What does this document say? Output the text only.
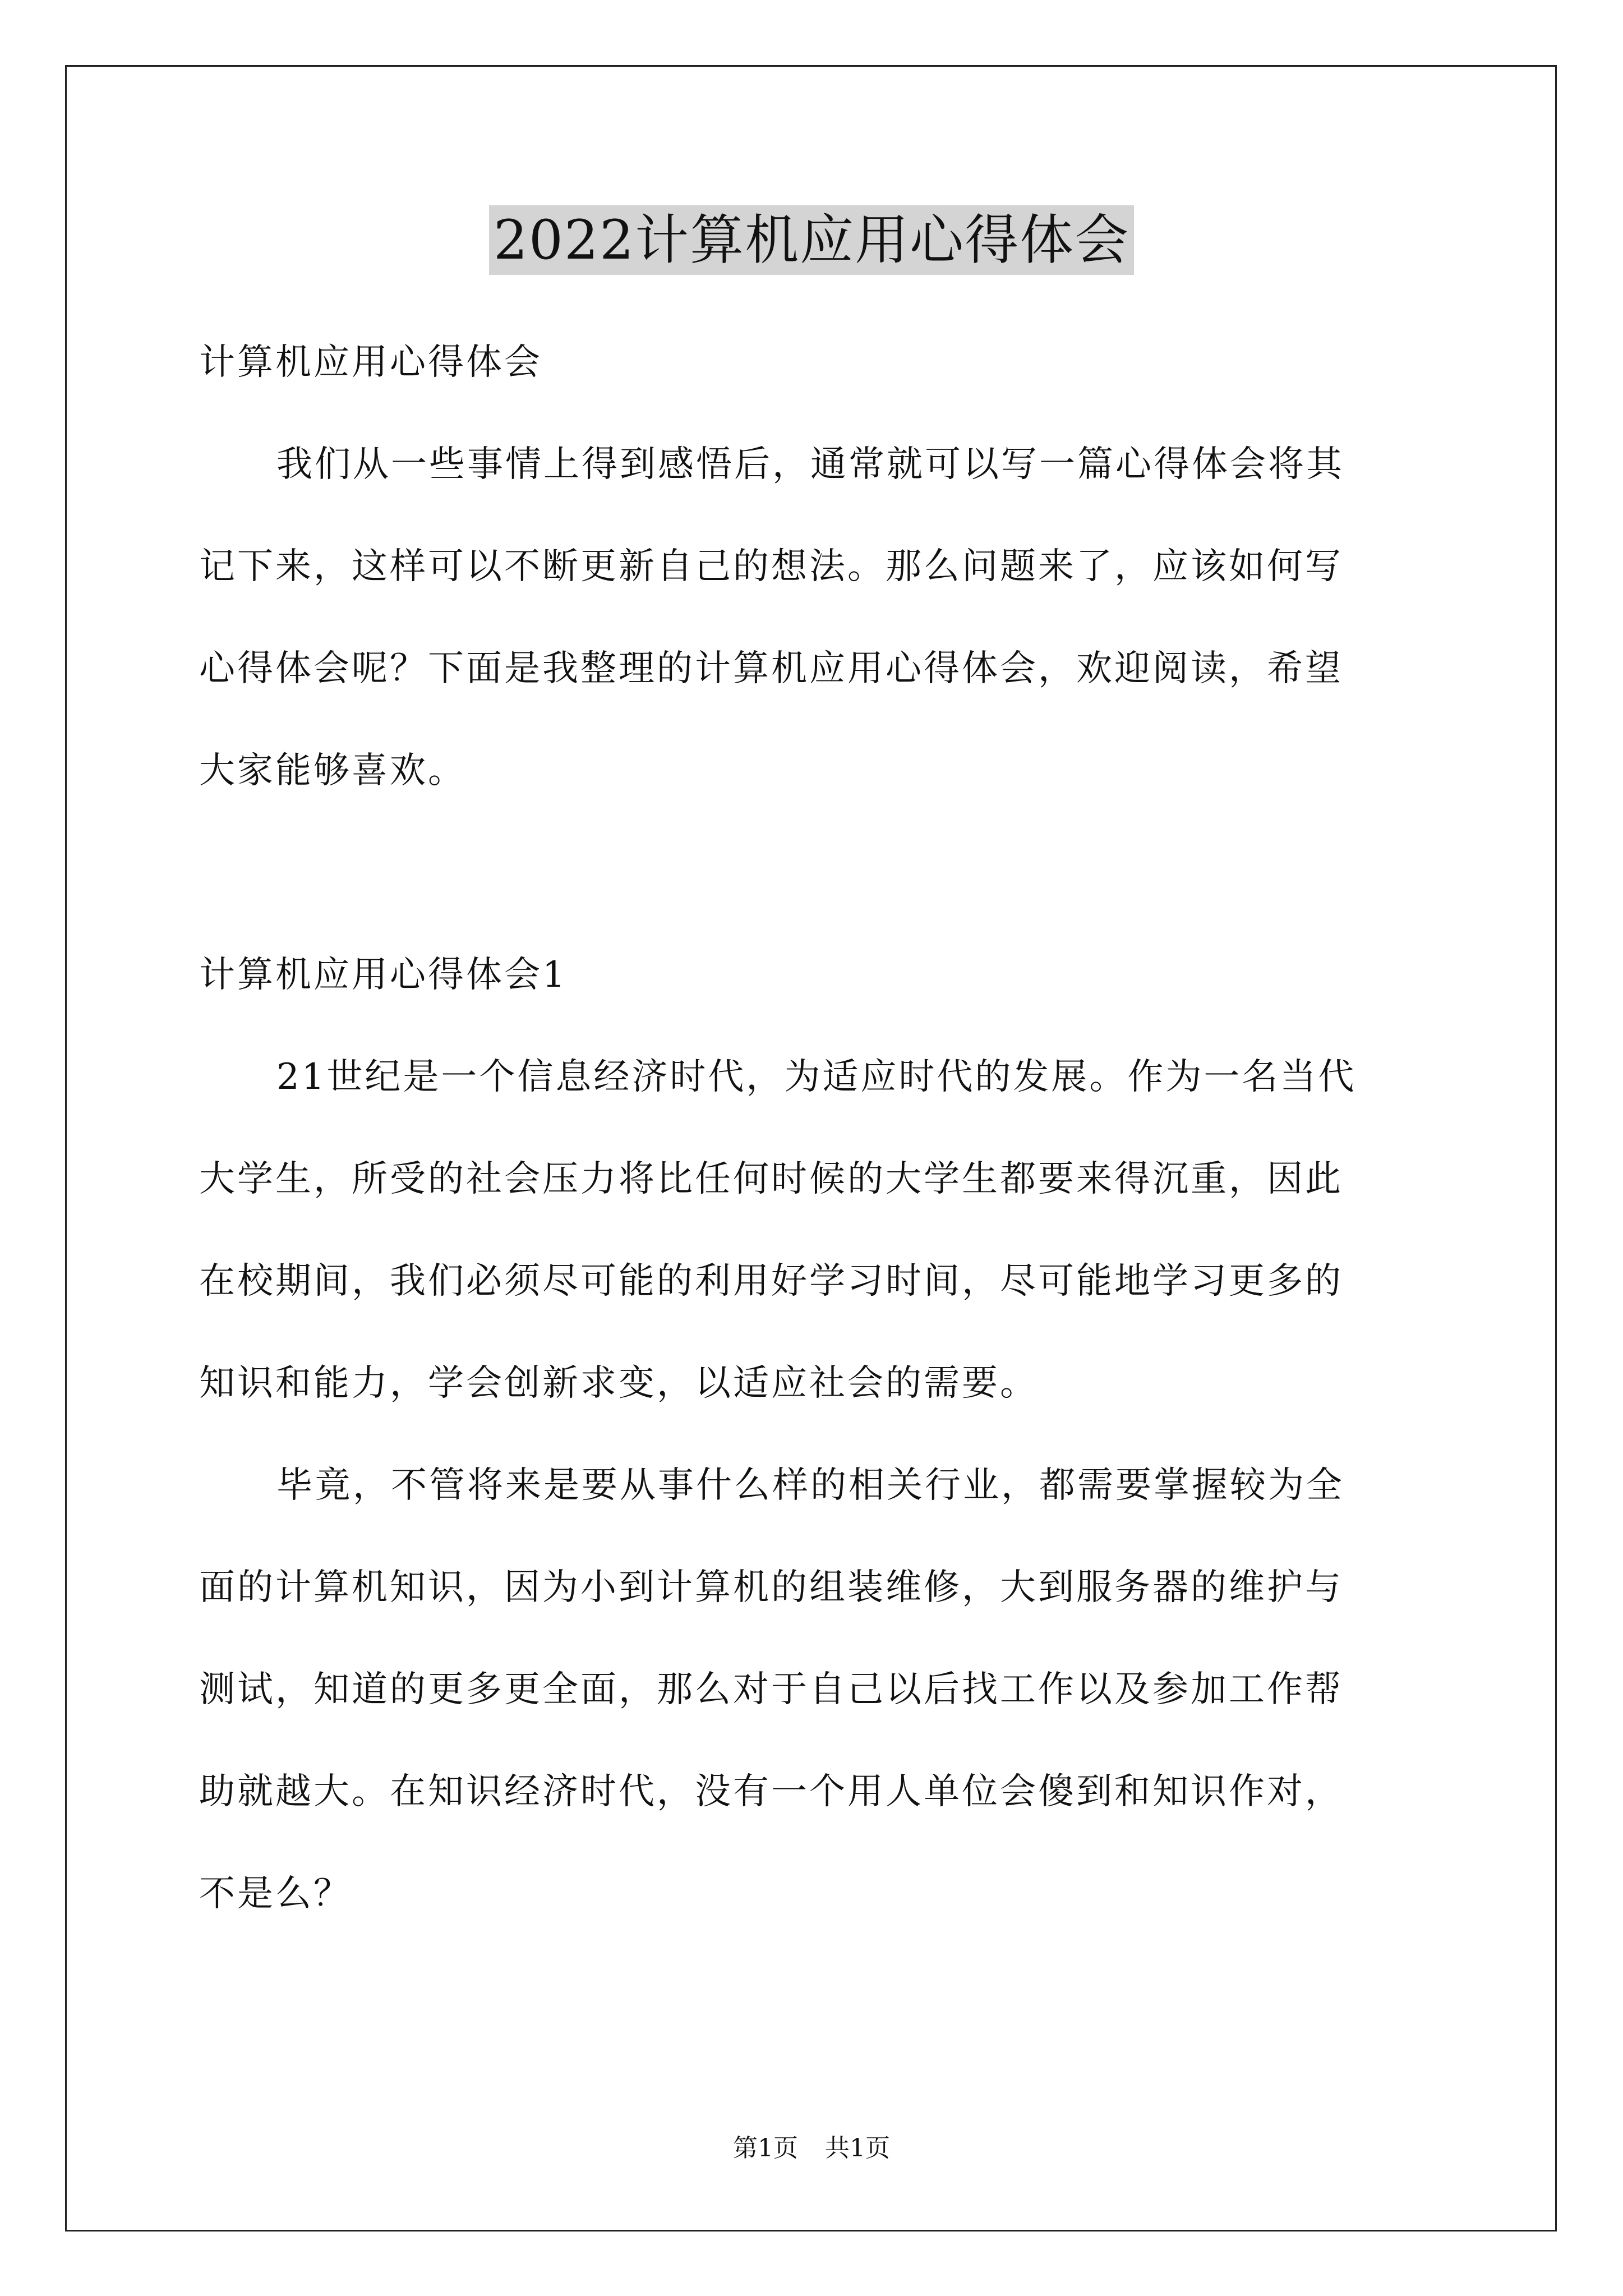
2022计算机应用心得体会
计算机应用心得体会
我们从一些事情上得到感悟后，通常就可以写一篇心得体会将其
记下来，这样可以不断更新自己的想法。那么问题来了，应该如何写
心得体会呢？下面是我整理的计算机应用心得体会，欢迎阅读，希望
大家能够喜欢。
计算机应用心得体会1
21世纪是一个信息经济时代，为适应时代的发展。作为一名当代
大学生，所受的社会压力将比任何时候的大学生都要来得沉重，因此
在校期间，我们必须尽可能的利用好学习时间，尽可能地学习更多的
知识和能力，学会创新求变，以适应社会的需要。
毕竟，不管将来是要从事什么样的相关行业，都需要掌握较为全
面的计算机知识，因为小到计算机的组装维修，大到服务器的维护与
测试，知道的更多更全面，那么对于自己以后找工作以及参加工作帮
助就越大。在知识经济时代，没有一个用人单位会傻到和知识作对，
不是么？
第1页 共1页
